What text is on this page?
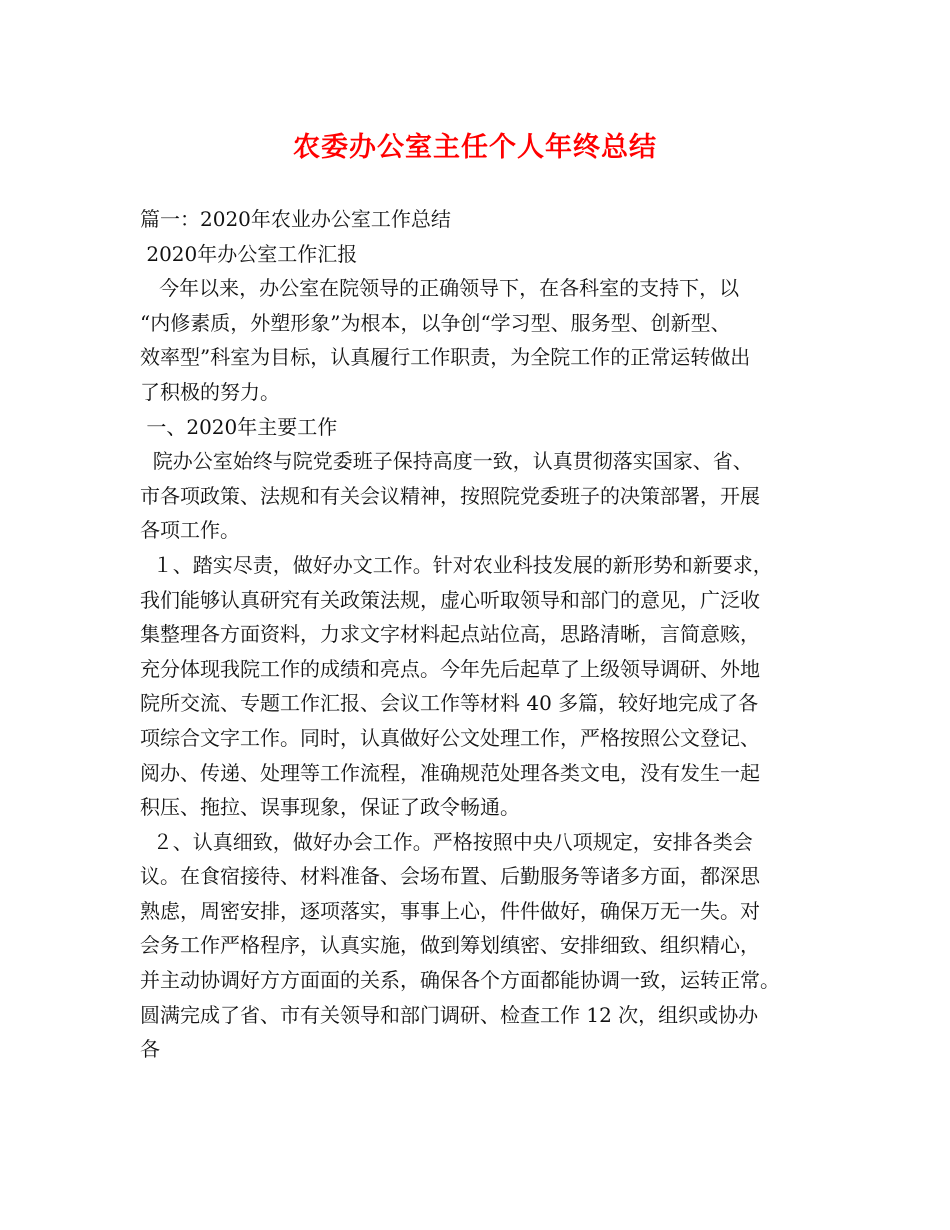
农委办公室主任个人年终总结
篇一：2020年农业办公室工作总结
2020年办公室工作汇报
今年以来，办公室在院领导的正确领导下，在各科室的支持下，以
“内修素质，外塑形象”为根本，以争创“学习型、服务型、创新型、
效率型”科室为目标，认真履行工作职责，为全院工作的正常运转做出
了积极的努力。
一、2020年主要工作
院办公室始终与院党委班子保持高度一致，认真贯彻落实国家、省、
市各项政策、法规和有关会议精神，按照院党委班子的决策部署，开展
各项工作。
１、踏实尽责，做好办文工作。针对农业科技发展的新形势和新要求，
我们能够认真研究有关政策法规，虚心听取领导和部门的意见，广泛收
集整理各方面资料，力求文字材料起点站位高，思路清晰，言简意赅，
充分体现我院工作的成绩和亮点。今年先后起草了上级领导调研、外地
院所交流、专题工作汇报、会议工作等材料 40 多篇，较好地完成了各
项综合文字工作。同时，认真做好公文处理工作，严格按照公文登记、
阅办、传递、处理等工作流程，准确规范处理各类文电，没有发生一起
积压、拖拉、误事现象，保证了政令畅通。
２、认真细致，做好办会工作。严格按照中央八项规定，安排各类会
议。在食宿接待、材料准备、会场布置、后勤服务等诸多方面，都深思
熟虑，周密安排，逐项落实，事事上心，件件做好，确保万无一失。对
会务工作严格程序，认真实施，做到筹划缜密、安排细致、组织精心，
并主动协调好方方面面的关系，确保各个方面都能协调一致，运转正常。
圆满完成了省、市有关领导和部门调研、检查工作 12 次，组织或协办
各
